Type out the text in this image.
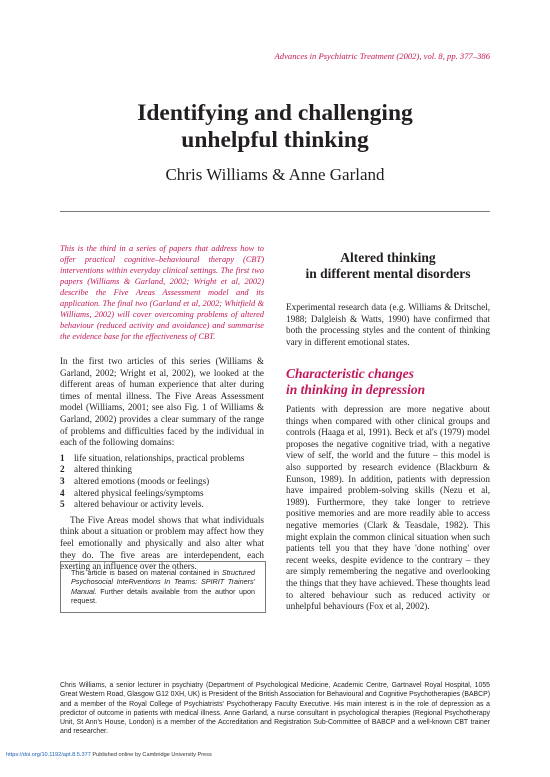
Advances in Psychiatric Treatment (2002), vol. 8, pp. 377–386
Identifying and challenging
unhelpful thinking
Chris Williams & Anne Garland
This is the third in a series of papers that address how to offer practical cognitive–behavioural therapy (CBT) interventions within everyday clinical settings. The first two papers (Williams & Garland, 2002; Wright et al, 2002) describe the Five Areas Assessment model and its application. The final two (Garland et al, 2002; Whitfield & Williams, 2002) will cover overcoming problems of altered behaviour (reduced activity and avoidance) and summarise the evidence base for the effectiveness of CBT.

In the first two articles of this series (Williams & Garland, 2002; Wright et al, 2002), we looked at the different areas of human experience that alter during times of mental illness. The Five Areas Assessment model (Williams, 2001; see also Fig. 1 of Williams & Garland, 2002) provides a clear summary of the range of problems and difficulties faced by the individual in each of the following domains:

1	life situation, relationships, practical problems
2	altered thinking
3	altered emotions (moods or feelings)
4	altered physical feelings/symptoms
5	altered behaviour or activity levels.

The Five Areas model shows that what individuals think about a situation or problem may affect how they feel emotionally and physically and also alter what they do. The five areas are interdependent, each exerting an influence over the others.

This article is based on material contained in Structured Psychosocial InteRventions In Teams: SPIRIT Trainers' Manual. Further details available from the author upon request.
Altered thinking
in different mental disorders
Experimental research data (e.g. Williams & Dritschel, 1988; Dalgleish & Watts, 1990) have confirmed that both the processing styles and the content of thinking vary in different emotional states.
Characteristic changes
in thinking in depression
Patients with depression are more negative about things when compared with other clinical groups and controls (Haaga et al, 1991). Beck et al's (1979) model proposes the negative cognitive triad, with a negative view of self, the world and the future – this model is also supported by research evidence (Blackburn & Eunson, 1989). In addition, patients with depression have impaired problem-solving skills (Nezu et al, 1989). Furthermore, they take longer to retrieve positive memories and are more readily able to access negative memories (Clark & Teasdale, 1982). This might explain the common clinical situation when such patients tell you that they have 'done nothing' over recent weeks, despite evidence to the contrary – they are simply remembering the negative and overlooking the things that they have achieved. These thoughts lead to altered behaviour such as reduced activity or unhelpful behaviours (Fox et al, 2002).
Chris Williams, a senior lecturer in psychiatry (Department of Psychological Medicine, Academic Centre, Gartnavel Royal Hospital, 1055 Great Western Road, Glasgow G12 0XH, UK) is President of the British Association for Behavioural and Cognitive Psychotherapies (BABCP) and a member of the Royal College of Psychiatrists' Psychotherapy Faculty Executive. His main interest is in the role of depression as a predictor of outcome in patients with medical illness. Anne Garland, a nurse consultant in psychological therapies (Regional Psychotherapy Unit, St Ann's House, London) is a member of the Accreditation and Registration Sub-Committee of BABCP and a well-known CBT trainer and researcher.
https://doi.org/10.1192/apt.8.5.377 Published online by Cambridge University Press
